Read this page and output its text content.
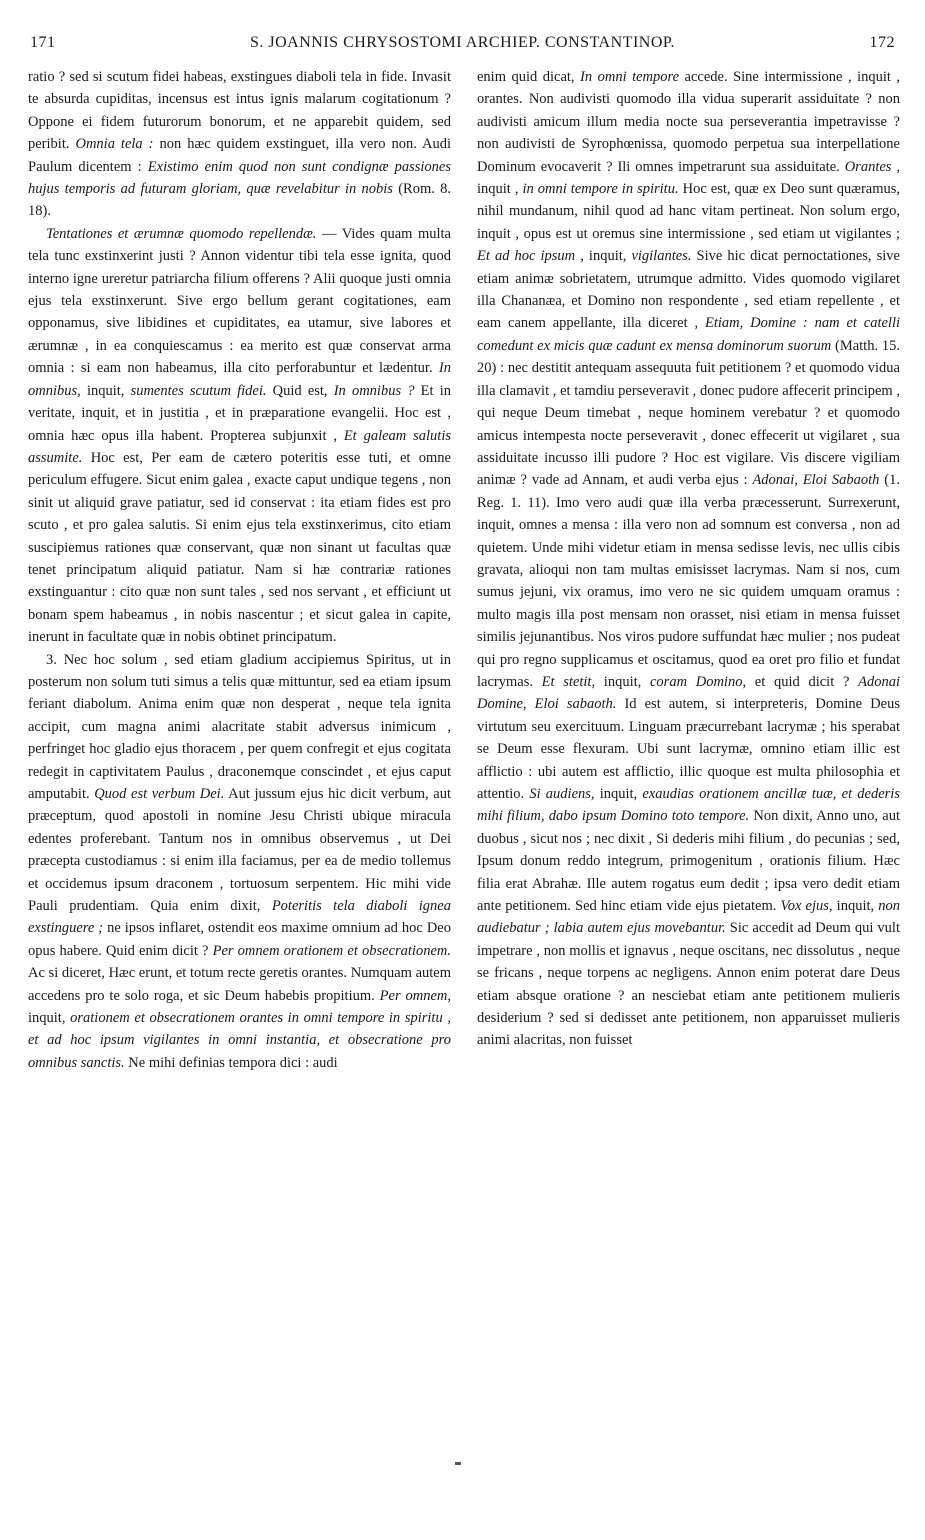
171	S. JOANNIS CHRYSOSTOMI ARCHIEP. CONSTANTINOP.	172

ratio ? sed si scutum fidei habeas, exstingues diaboli tela in fide. Invasit te absurda cupiditas, incensus est intus ignis malarum cogitationum ? Oppone ei fidem futurorum bonorum, et ne apparebit quidem, sed peribit. Omnia tela : non hæc quidem exstinguet, illa vero non. Audi Paulum dicentem : Existimo enim quod non sunt condignæ passiones hujus temporis ad futuram gloriam, quæ revelabitur in nobis (Rom. 8. 18).

Tentationes et ærumnæ quomodo repellendæ. — Vides quam multa tela tunc exstinxerint justi ? Annon videntur tibi tela esse ignita, quod interno igne ureretur patriarcha filium offerens ? Alii quoque justi omnia ejus tela exstinxerunt. Sive ergo bellum gerant cogitationes, eam opponamus, sive libidines et cupiditates, ea utamur, sive labores et ærumnæ , in ea conquiescamus : ea merito est quæ conservat arma omnia : si eam non habeamus, illa cito perforabuntur et lædentur. In omnibus, inquit, sumentes scutum fidei. Quid est, In omnibus ? Et in veritate, inquit, et in justitia , et in præparatione evangelii. Hoc est , omnia hæc opus illa habent. Propterea subjunxit , Et galeam salutis assumite. Hoc est, Per eam de cætero poteritis esse tuti, et omne periculum effugere. Sicut enim galea , exacte caput undique tegens , non sinit ut aliquid grave patiatur, sed id conservat : ita etiam fides est pro scuto , et pro galea salutis. Si enim ejus tela exstinxerimus, cito etiam suscipiemus rationes quæ conservant, quæ non sinant ut facultas quæ tenet principatum aliquid patiatur. Nam si hæ contrariæ rationes exstinguantur : cito quæ non sunt tales , sed nos servant , et efficiunt ut bonam spem habeamus , in nobis nascentur ; et sicut galea in capite, inerunt in facultate quæ in nobis obtinet principatum.

3. Nec hoc solum , sed etiam gladium accipiemus Spiritus, ut in posterum non solum tuti simus a telis quæ mittuntur, sed ea etiam ipsum feriant diabolum. Anima enim quæ non desperat , neque tela ignita accipit, cum magna animi alacritate stabit adversus inimicum , perfringet hoc gladio ejus thoracem , per quem confregit et ejus cogitata redegit in captivitatem Paulus , draconemque conscindet , et ejus caput amputabit. Quod est verbum Dei. Aut jussum ejus hic dicit verbum, aut præceptum, quod apostoli in nomine Jesu Christi ubique miracula edentes proferebant. Tantum nos in omnibus observemus , ut Dei præcepta custodiamus : si enim illa faciamus, per ea de medio tollemus et occidemus ipsum draconem , tortuosum serpentem. Hic mihi vide Pauli prudentiam. Quia enim dixit, Poteritis tela diaboli ignea exstinguere ; ne ipsos inflaret, ostendit eos maxime omnium ad hoc Deo opus habere. Quid enim dicit ? Per omnem orationem et obsecrationem. Ac si diceret, Hæc erunt, et totum recte geretis orantes. Numquam autem accedens pro te solo roga, et sic Deum habebis propitium. Per omnem, inquit, orationem et obsecrationem orantes in omni tempore in spiritu , et ad hoc ipsum vigilantes in omni instantia, et obsecratione pro omnibus sanctis. Ne mihi definias tempora dici : audi

enim quid dicat, In omni tempore accede. Sine intermissione , inquit , orantes. Non audivisti quomodo illa vidua superarit assiduitate ? non audivisti amicum illum media nocte sua perseverantia impetravisse ? non audivisti de Syrophœnissa, quomodo perpetua sua interpellatione Dominum evocaverit ? Ili omnes impetrarunt sua assiduitate. Orantes , inquit , in omni tempore in spiritu. Hoc est, quæ ex Deo sunt quæramus, nihil mundanum, nihil quod ad hanc vitam pertineat. Non solum ergo, inquit , opus est ut oremus sine intermissione , sed etiam ut vigilantes ; Et ad hoc ipsum , inquit, vigilantes. Sive hic dicat pernoctationes, sive etiam animæ sobrietatem, utrumque admitto. Vides quomodo vigilaret illa Chananæa, et Domino non respondente , sed etiam repellente , et eam canem appellante, illa diceret , Etiam, Domine : nam et catelli comedunt ex micis quæ cadunt ex mensa dominorum suorum (Matth. 15. 20) : nec destitit antequam assequuta fuit petitionem ? et quomodo vidua illa clamavit , et tamdiu perseveravit , donec pudore affecerit principem , qui neque Deum timebat , neque hominem verebatur ? et quomodo amicus intempesta nocte perseveravit , donec effecerit ut vigilaret , sua assiduitate incusso illi pudore ? Hoc est vigilare. Vis discere vigiliam animæ ? vade ad Annam, et audi verba ejus : Adonai, Eloi Sabaoth (1. Reg. 1. 11). Imo vero audi quæ illa verba præcesserunt. Surrexerunt, inquit, omnes a mensa : illa vero non ad somnum est conversa , non ad quietem. Unde mihi videtur etiam in mensa sedisse levis, nec ullis cibis gravata, alioqui non tam multas emisisset lacrymas. Nam si nos, cum sumus jejuni, vix oramus, imo vero ne sic quidem umquam oramus : multo magis illa post mensam non orasset, nisi etiam in mensa fuisset similis jejunantibus. Nos viros pudore suffundat hæc mulier ; nos pudeat qui pro regno supplicamus et oscitamus, quod ea oret pro filio et fundat lacrymas. Et stetit, inquit, coram Domino, et quid dicit ? Adonai Domine, Eloi sabaoth. Id est autem, si interpreteris, Domine Deus virtutum seu exercituum. Linguam præcurrebant lacrymæ ; his sperabat se Deum esse flexuram. Ubi sunt lacrymæ, omnino etiam illic est afflictio : ubi autem est afflictio, illic quoque est multa philosophia et attentio. Si audiens, inquit, exaudias orationem ancillæ tuæ, et dederis mihi filium, dabo ipsum Domino toto tempore. Non dixit, Anno uno, aut duobus , sicut nos ; nec dixit , Si dederis mihi filium , do pecunias ; sed, Ipsum donum reddo integrum, primogenitum , orationis filium. Hæc filia erat Abrahæ. Ille autem rogatus eum dedit ; ipsa vero dedit etiam ante petitionem. Sed hinc etiam vide ejus pietatem. Vox ejus, inquit, non audiebatur ; labia autem ejus movebantur. Sic accedit ad Deum qui vult impetrare , non mollis et ignavus , neque oscitans, nec dissolutus , neque se fricans , neque torpens ac negligens. Annon enim poterat dare Deus etiam absque oratione ? an nesciebat etiam ante petitionem mulieris desiderium ? sed si dedisset ante petitionem, non apparuisset mulieris animi alacritas, non fuisset
